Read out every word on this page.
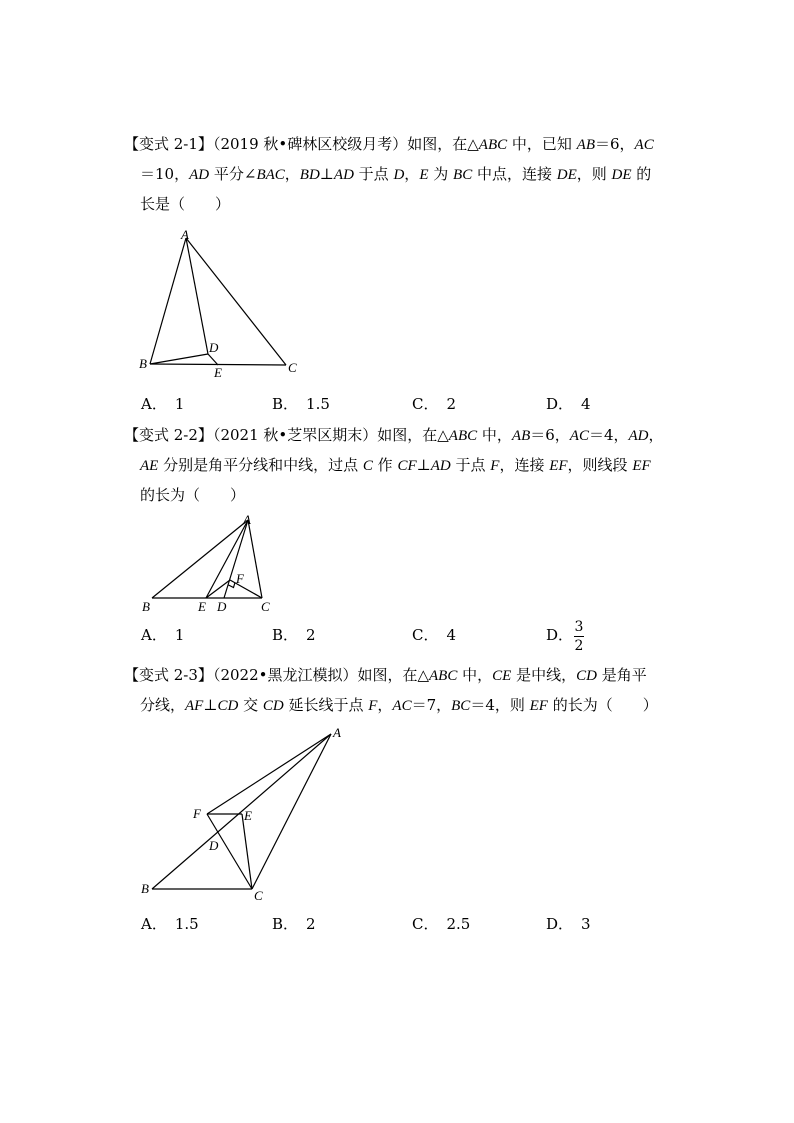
【变式 2-1】（2019 秋•碑林区校级月考）如图，在△ABC 中，已知 AB＝6，AC
＝10，AD 平分∠BAC，BD⊥AD 于点 D，E 为 BC 中点，连接 DE，则 DE 的
长是（　　）
A
B	C
D
E
A． 1	B． 1.5	C． 2	D． 4
【变式 2-2】（2021 秋•芝罘区期末）如图，在△ABC 中，AB＝6，AC＝4，AD，
AE 分别是角平分线和中线，过点 C 作 CF⊥AD 于点 F，连接 EF，则线段 EF
的长为（　　）
A
B	C
D
E
F
A． 1	B． 2	C． 4	D． 3
2
【变式 2-3】（2022•黑龙江模拟）如图，在△ABC 中，CE 是中线，CD 是角平
分线，AF⊥CD 交 CD 延长线于点 F，AC＝7，BC＝4，则 EF 的长为（　　）
A
B	C
D
E
F
A． 1.5	B． 2	C． 2.5	D． 3
